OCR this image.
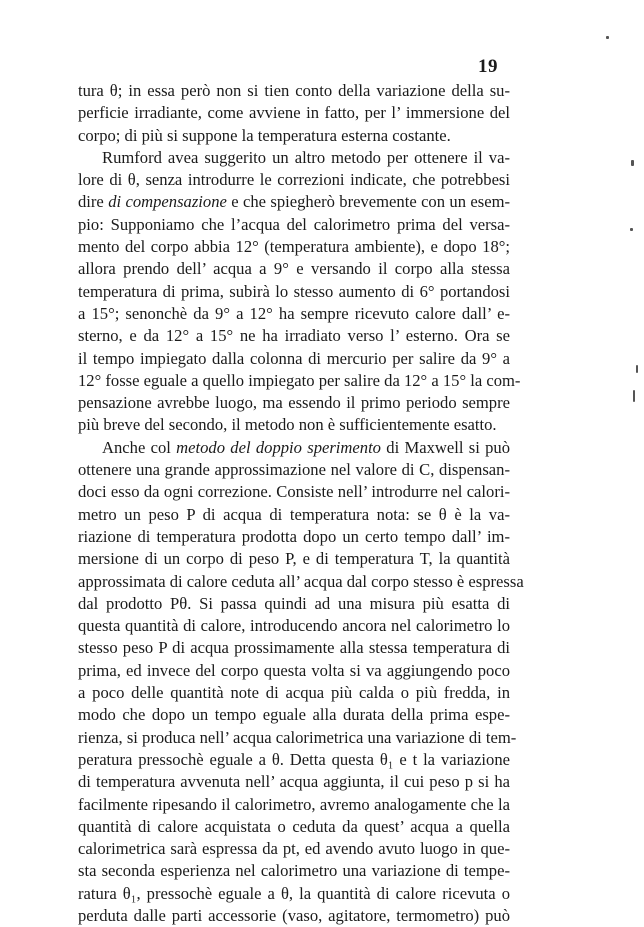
19
tura θ; in essa però non si tien conto della variazione della su-
perficie irradiante, come avviene in fatto, per l’ immersione del
corpo; di più si suppone la temperatura esterna costante.
Rumford avea suggerito un altro metodo per ottenere il va-
lore di θ, senza introdurre le correzioni indicate, che potrebbesi
dire di compensazione e che spiegherò brevemente con un esem-
pio: Supponiamo che l’acqua del calorimetro prima del versa-
mento del corpo abbia 12° (temperatura ambiente), e dopo 18°;
allora prendo dell’ acqua a 9° e versando il corpo alla stessa
temperatura di prima, subirà lo stesso aumento di 6° portandosi
a 15°; senonchè da 9° a 12° ha sempre ricevuto calore dall’ e-
sterno, e da 12° a 15° ne ha irradiato verso l’ esterno. Ora se
il tempo impiegato dalla colonna di mercurio per salire da 9° a
12° fosse eguale a quello impiegato per salire da 12° a 15° la com-
pensazione avrebbe luogo, ma essendo il primo periodo sempre
più breve del secondo, il metodo non è sufficientemente esatto.
Anche col metodo del doppio sperimento di Maxwell si può
ottenere una grande approssimazione nel valore di C, dispensan-
doci esso da ogni correzione. Consiste nell’ introdurre nel calori-
metro un peso P di acqua di temperatura nota: se θ è la va-
riazione di temperatura prodotta dopo un certo tempo dall’ im-
mersione di un corpo di peso P, e di temperatura T, la quantità
approssimata di calore ceduta all’ acqua dal corpo stesso è espressa
dal prodotto Pθ. Si passa quindi ad una misura più esatta di
questa quantità di calore, introducendo ancora nel calorimetro lo
stesso peso P di acqua prossimamente alla stessa temperatura di
prima, ed invece del corpo questa volta si va aggiungendo poco
a poco delle quantità note di acqua più calda o più fredda, in
modo che dopo un tempo eguale alla durata della prima espe-
rienza, si produca nell’ acqua calorimetrica una variazione di tem-
peratura pressochè eguale a θ. Detta questa θ₁ e t la variazione
di temperatura avvenuta nell’ acqua aggiunta, il cui peso p si ha
facilmente ripesando il calorimetro, avremo analogamente che la
quantità di calore acquistata o ceduta da quest’ acqua a quella
calorimetrica sarà espressa da pt, ed avendo avuto luogo in que-
sta seconda esperienza nel calorimetro una variazione di tempe-
ratura θ₁, pressochè eguale a θ, la quantità di calore ricevuta o
perduta dalle parti accessorie (vaso, agitatore, termometro) può
